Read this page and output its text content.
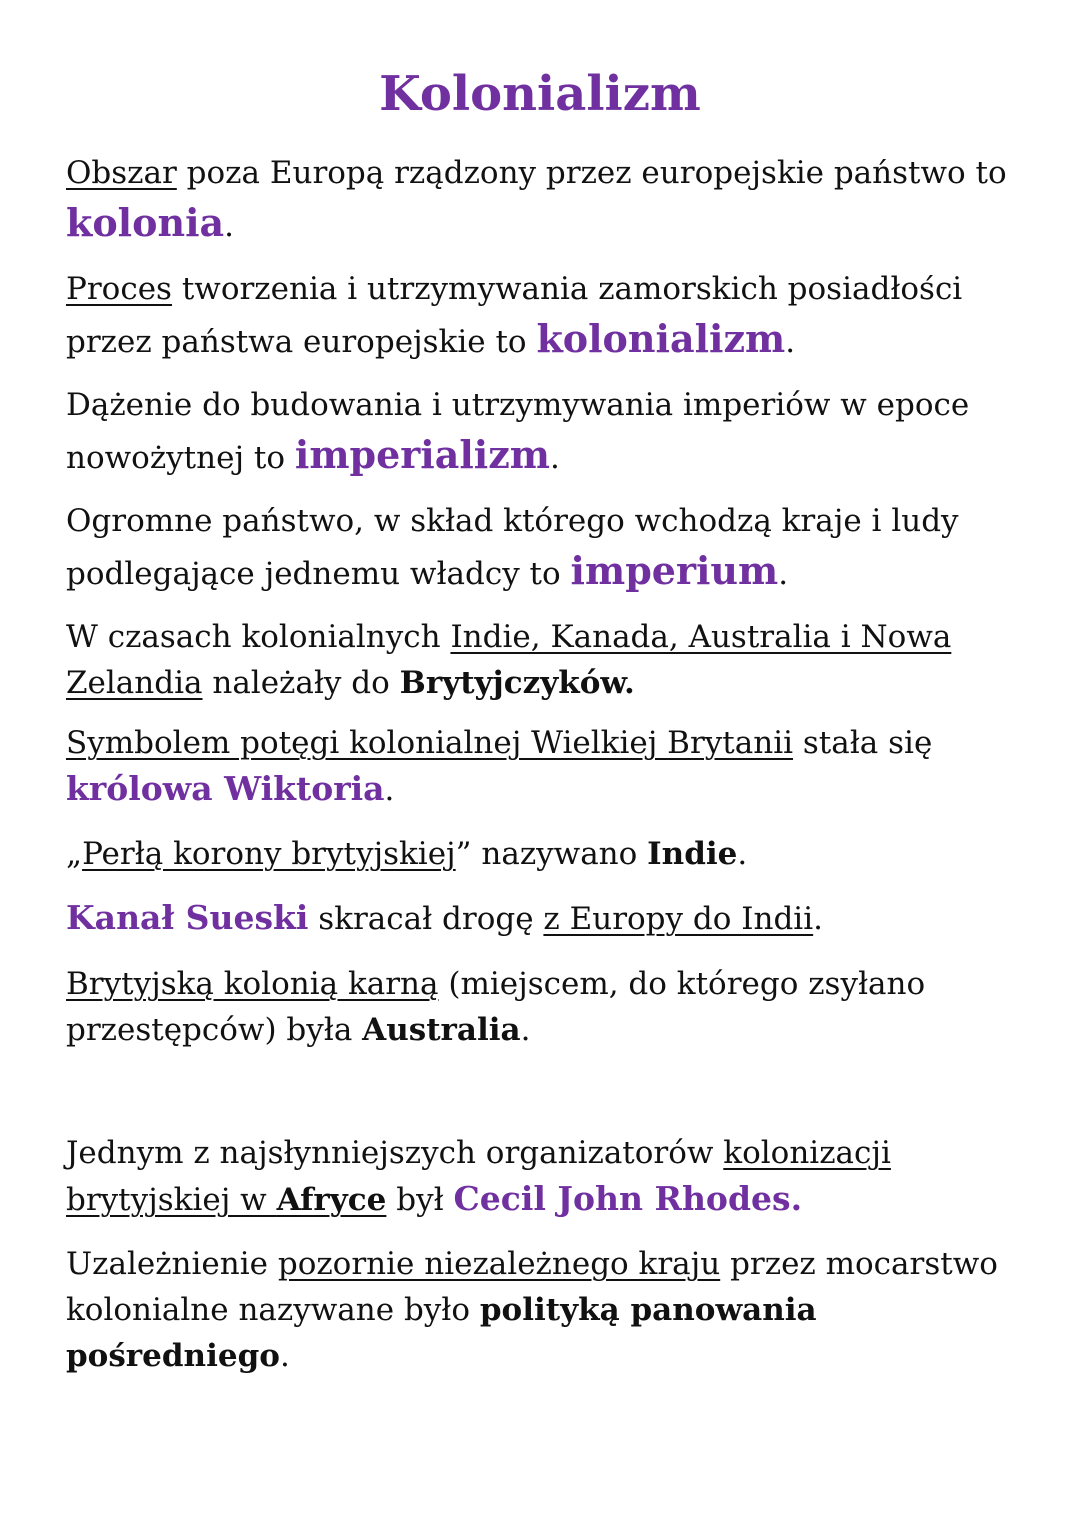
Kolonializm

Obszar poza Europą rządzony przez europejskie państwo to
kolonia.

Proces tworzenia i utrzymywania zamorskich posiadłości
przez państwa europejskie to kolonializm.

Dążenie do budowania i utrzymywania imperiów w epoce
nowożytnej to imperializm.

Ogromne państwo, w skład którego wchodzą kraje i ludy
podlegające jednemu władcy to imperium.

W czasach kolonialnych Indie, Kanada, Australia i Nowa
Zelandia należały do Brytyjczyków.

Symbolem potęgi kolonialnej Wielkiej Brytanii stała się
królowa Wiktoria.

„Perłą korony brytyjskiej” nazywano Indie.

Kanał Sueski skracał drogę z Europy do Indii.

Brytyjską kolonią karną (miejscem, do którego zsyłano
przestępców) była Australia.

Jednym z najsłynniejszych organizatorów kolonizacji
brytyjskiej w Afryce był Cecil John Rhodes.

Uzależnienie pozornie niezależnego kraju przez mocarstwo
kolonialne nazywane było polityką panowania
pośredniego.
